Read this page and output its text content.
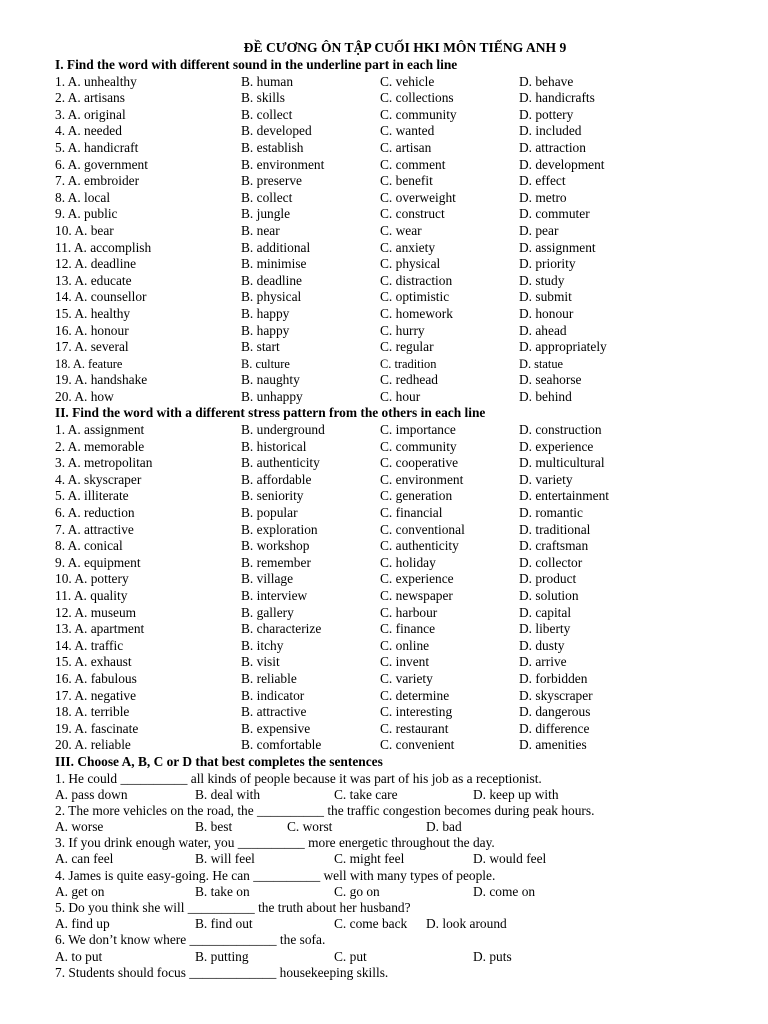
ĐỀ CƯƠNG ÔN TẬP CUỐI HKI MÔN TIẾNG ANH 9
I. Find the word with different sound in the underline part in each line
1. A. unhealthy	B. human	C. vehicle	D. behave
2. A. artisans	B. skills	C. collections	D. handicrafts
3. A. original	B. collect	C. community	D. pottery
4. A. needed	B. developed	C. wanted	D. included
5. A. handicraft	B. establish	C. artisan	D. attraction
6. A. government	B. environment	C. comment	D. development
7. A. embroider	B. preserve	C. benefit	D. effect
8. A. local	B. collect	C. overweight	D. metro
9. A. public	B. jungle	C. construct	D. commuter
10. A. bear	B. near	C. wear	D. pear
11. A. accomplish	B. additional	C. anxiety	D. assignment
12. A. deadline	B. minimise	C. physical	D. priority
13. A. educate	B. deadline	C. distraction	D. study
14. A. counsellor	B. physical	C. optimistic	D. submit
15. A. healthy	B. happy	C. homework	D. honour
16. A. honour	B. happy	C. hurry	D. ahead
17. A. several	B. start	C. regular	D. appropriately
18. A. feature	B. culture	C. tradition	D. statue
19. A. handshake	B. naughty	C. redhead	D. seahorse
20. A. how	B. unhappy	C. hour	D. behind
II. Find the word with a different stress pattern from the others in each line
1. A. assignment	B. underground	C. importance	D. construction
2. A. memorable	B. historical	C. community	D. experience
3. A. metropolitan	B. authenticity	C. cooperative	D. multicultural
4. A. skyscraper	B. affordable	C. environment	D. variety
5. A. illiterate	B. seniority	C. generation	D. entertainment
6. A. reduction	B. popular	C. financial	D. romantic
7. A. attractive	B. exploration	C. conventional	D. traditional
8. A. conical	B. workshop	C. authenticity	D. craftsman
9. A. equipment	B. remember	C. holiday	D. collector
10. A. pottery	B. village	C. experience	D. product
11. A. quality	B. interview	C. newspaper	D. solution
12. A. museum	B. gallery	C. harbour	D. capital
13. A. apartment	B. characterize	C. finance	D. liberty
14. A. traffic	B. itchy	C. online	D. dusty
15. A. exhaust	B. visit	C. invent	D. arrive
16. A. fabulous	B. reliable	C. variety	D. forbidden
17. A. negative	B. indicator	C. determine	D. skyscraper
18. A. terrible	B. attractive	C. interesting	D. dangerous
19. A. fascinate	B. expensive	C. restaurant	D. difference
20. A. reliable	B. comfortable	C. convenient	D. amenities
III. Choose A, B, C or D that best completes the sentences
1. He could __________ all kinds of people because it was part of his job as a receptionist.
A. pass down	B. deal with	C. take care	D. keep up with
2. The more vehicles on the road, the __________ the traffic congestion becomes during peak hours.
A. worse	B. best	C. worst	D. bad
3. If you drink enough water, you __________ more energetic throughout the day.
A. can feel	B. will feel	C. might feel	D. would feel
4. James is quite easy-going. He can __________ well with many types of people.
A. get on	B. take on	C. go on	D. come on
5. Do you think she will __________ the truth about her husband?
A. find up	B. find out	C. come back D. look around
6. We don’t know where _____________ the sofa.
A. to put	B. putting	C. put	D. puts
7. Students should focus _____________ housekeeping skills.
